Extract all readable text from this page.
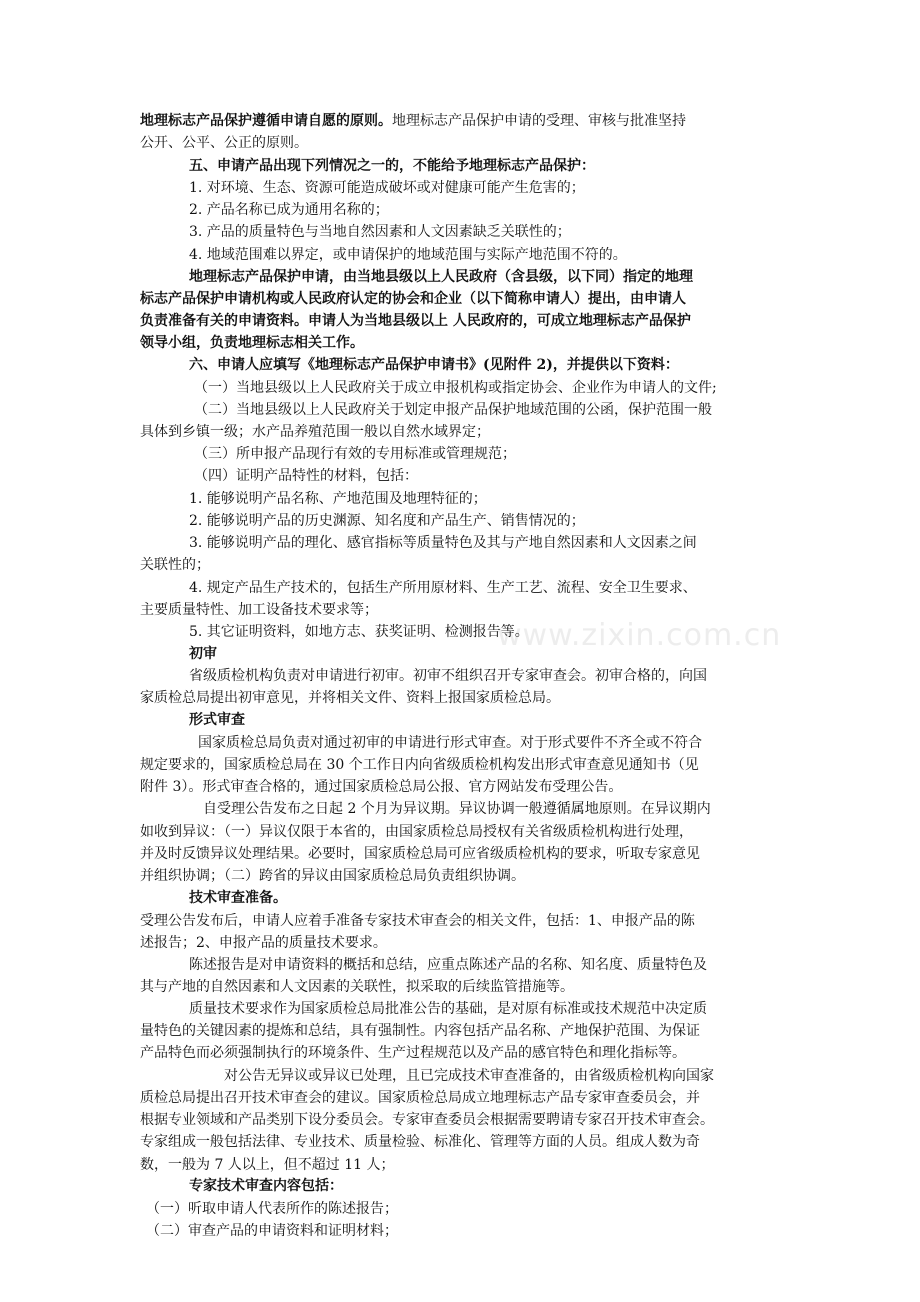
www.zixin.com.cn
地理标志产品保护遵循申请自愿的原则。地理标志产品保护申请的受理、审核与批准坚持
公开、公平、公正的原则。
五、申请产品出现下列情况之一的，不能给予地理标志产品保护：
1. 对环境、生态、资源可能造成破坏或对健康可能产生危害的；
2. 产品名称已成为通用名称的；
3. 产品的质量特色与当地自然因素和人文因素缺乏关联性的；
4. 地域范围难以界定，或申请保护的地域范围与实际产地范围不符的。
地理标志产品保护申请，由当地县级以上人民政府（含县级，以下同）指定的地理
标志产品保护申请机构或人民政府认定的协会和企业（以下简称申请人）提出，由申请人
负责准备有关的申请资料。申请人为当地县级以上 人民政府的，可成立地理标志产品保护
领导小组，负责地理标志相关工作。
六、申请人应填写《地理标志产品保护申请书》(见附件 2)，并提供以下资料：
（一）当地县级以上人民政府关于成立申报机构或指定协会、企业作为申请人的文件;
（二）当地县级以上人民政府关于划定申报产品保护地域范围的公函，保护范围一般
具体到乡镇一级；水产品养殖范围一般以自然水域界定；
（三）所申报产品现行有效的专用标准或管理规范；
（四）证明产品特性的材料，包括：
1. 能够说明产品名称、产地范围及地理特征的；
2. 能够说明产品的历史渊源、知名度和产品生产、销售情况的；
3. 能够说明产品的理化、感官指标等质量特色及其与产地自然因素和人文因素之间
关联性的；
4. 规定产品生产技术的，包括生产所用原材料、生产工艺、流程、安全卫生要求、
主要质量特性、加工设备技术要求等；
5. 其它证明资料，如地方志、获奖证明、检测报告等。
初审
省级质检机构负责对申请进行初审。初审不组织召开专家审查会。初审合格的，向国
家质检总局提出初审意见，并将相关文件、资料上报国家质检总局。
形式审查
国家质检总局负责对通过初审的申请进行形式审查。对于形式要件不齐全或不符合
规定要求的，国家质检总局在 30 个工作日内向省级质检机构发出形式审查意见通知书（见
附件 3）。形式审查合格的，通过国家质检总局公报、官方网站发布受理公告。
自受理公告发布之日起 2 个月为异议期。异议协调一般遵循属地原则。在异议期内
如收到异议：（一）异议仅限于本省的，由国家质检总局授权有关省级质检机构进行处理，
并及时反馈异议处理结果。必要时，国家质检总局可应省级质检机构的要求，听取专家意见
并组织协调；（二）跨省的异议由国家质检总局负责组织协调。
技术审查准备。
受理公告发布后，申请人应着手准备专家技术审查会的相关文件，包括：1、申报产品的陈
述报告；2、申报产品的质量技术要求。
陈述报告是对申请资料的概括和总结，应重点陈述产品的名称、知名度、质量特色及
其与产地的自然因素和人文因素的关联性，拟采取的后续监管措施等。
质量技术要求作为国家质检总局批准公告的基础，是对原有标准或技术规范中决定质
量特色的关键因素的提炼和总结，具有强制性。内容包括产品名称、产地保护范围、为保证
产品特色而必须强制执行的环境条件、生产过程规范以及产品的感官特色和理化指标等。
对公告无异议或异议已处理，且已完成技术审查准备的，由省级质检机构向国家
质检总局提出召开技术审查会的建议。国家质检总局成立地理标志产品专家审查委员会，并
根据专业领域和产品类别下设分委员会。专家审查委员会根据需要聘请专家召开技术审查会。
专家组成一般包括法律、专业技术、质量检验、标准化、管理等方面的人员。组成人数为奇
数，一般为 7 人以上，但不超过 11 人；
专家技术审查内容包括：
（一）听取申请人代表所作的陈述报告；
（二）审查产品的申请资料和证明材料；
